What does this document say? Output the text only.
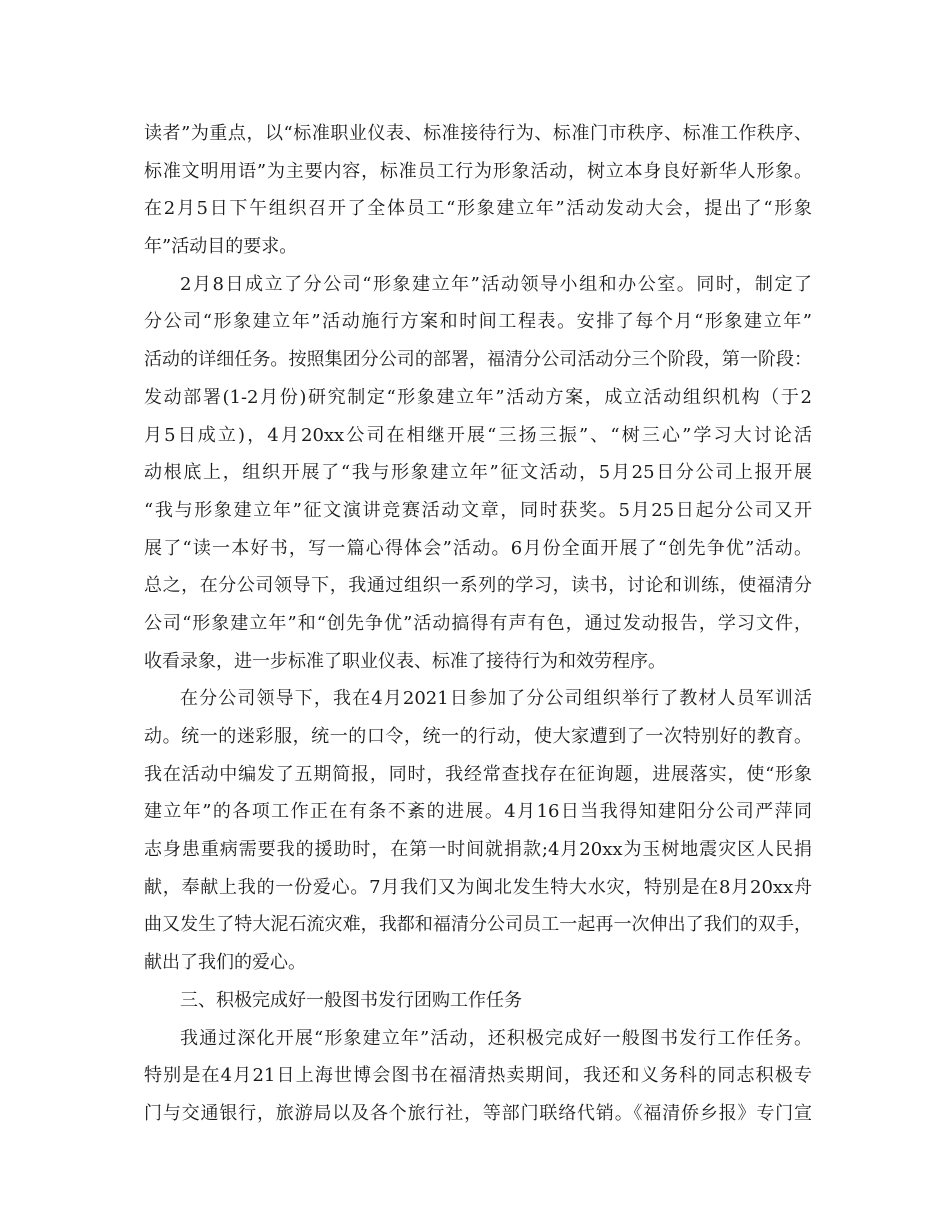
读者”为重点，以“标准职业仪表、标准接待行为、标准门市秩序、标准工作秩序、
标准文明用语”为主要内容，标准员工行为形象活动，树立本身良好新华人形象。
在2月5日下午组织召开了全体员工“形象建立年”活动发动大会，提出了“形象
年”活动目的要求。
2月8日成立了分公司“形象建立年”活动领导小组和办公室。同时，制定了
分公司“形象建立年”活动施行方案和时间工程表。安排了每个月“形象建立年”
活动的详细任务。按照集团分公司的部署，福清分公司活动分三个阶段，第一阶段：
发动部署(1-2月份)研究制定“形象建立年”活动方案，成立活动组织机构（于2
月5日成立)，4月20xx公司在相继开展“三扬三振”、“树三心”学习大讨论活
动根底上，组织开展了“我与形象建立年”征文活动，5月25日分公司上报开展
“我与形象建立年”征文演讲竞赛活动文章，同时获奖。5月25日起分公司又开
展了“读一本好书，写一篇心得体会”活动。6月份全面开展了“创先争优”活动。
总之，在分公司领导下，我通过组织一系列的学习，读书，讨论和训练，使福清分
公司“形象建立年”和“创先争优”活动搞得有声有色，通过发动报告，学习文件，
收看录象，进一步标准了职业仪表、标准了接待行为和效劳程序。
在分公司领导下，我在4月2021日参加了分公司组织举行了教材人员军训活
动。统一的迷彩服，统一的口令，统一的行动，使大家遭到了一次特别好的教育。
我在活动中编发了五期简报，同时，我经常查找存在征询题，进展落实，使“形象
建立年”的各项工作正在有条不紊的进展。4月16日当我得知建阳分公司严萍同
志身患重病需要我的援助时，在第一时间就捐款;4月20xx为玉树地震灾区人民捐
献，奉献上我的一份爱心。7月我们又为闽北发生特大水灾，特别是在8月20xx舟
曲又发生了特大泥石流灾难，我都和福清分公司员工一起再一次伸出了我们的双手，
献出了我们的爱心。
三、积极完成好一般图书发行团购工作任务
我通过深化开展“形象建立年”活动，还积极完成好一般图书发行工作任务。
特别是在4月21日上海世博会图书在福清热卖期间，我还和义务科的同志积极专
门与交通银行，旅游局以及各个旅行社，等部门联络代销。《福清侨乡报》专门宣
